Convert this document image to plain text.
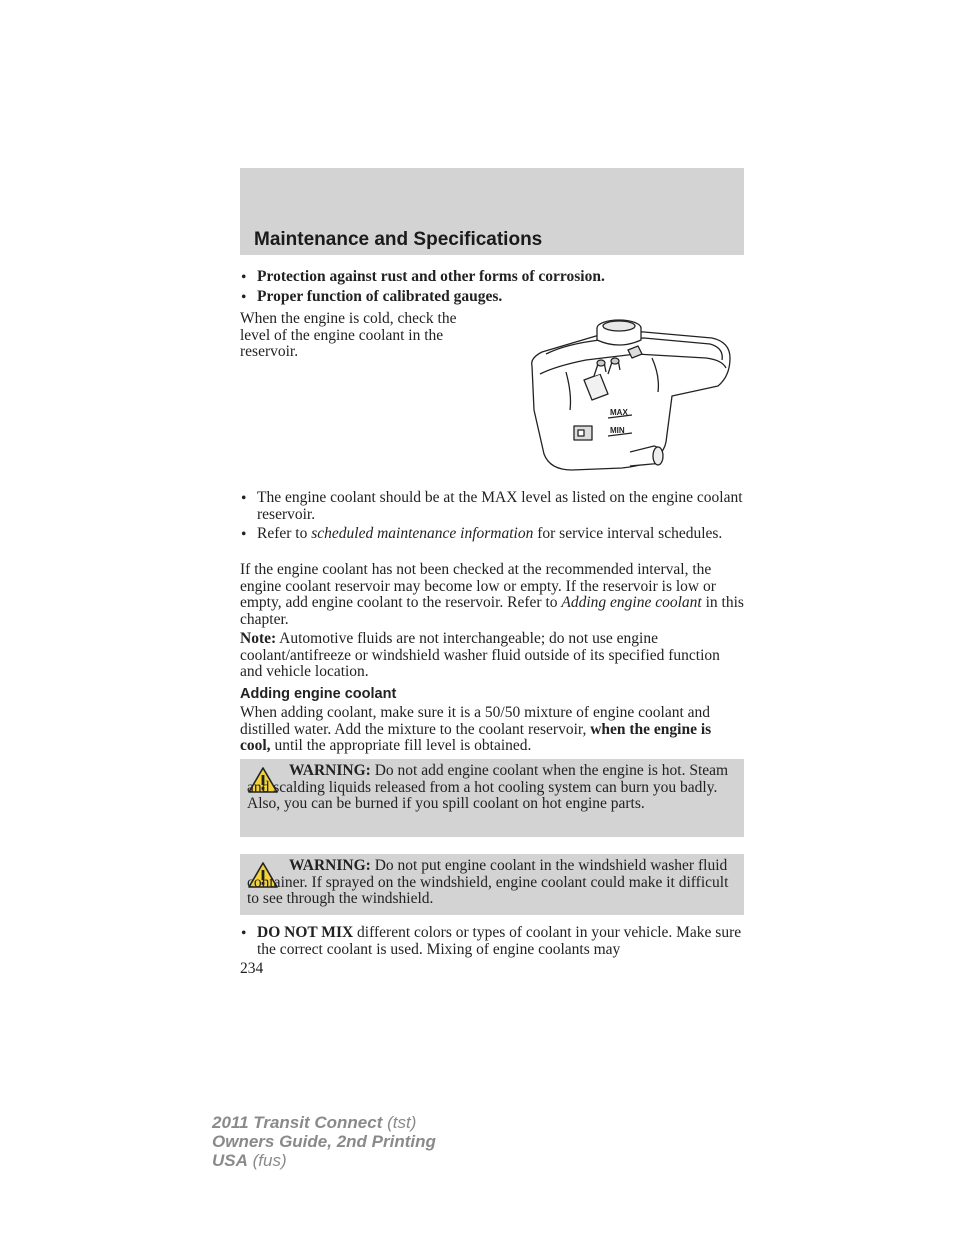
Maintenance and Specifications
• Protection against rust and other forms of corrosion.
• Proper function of calibrated gauges.
When the engine is cold, check the level of the engine coolant in the reservoir.
MAX
MIN
• The engine coolant should be at the MAX level as listed on the engine coolant reservoir.
• Refer to scheduled maintenance information for service interval schedules.
If the engine coolant has not been checked at the recommended interval, the engine coolant reservoir may become low or empty. If the reservoir is low or empty, add engine coolant to the reservoir. Refer to Adding engine coolant in this chapter.
Note: Automotive fluids are not interchangeable; do not use engine coolant/antifreeze or windshield washer fluid outside of its specified function and vehicle location.
Adding engine coolant
When adding coolant, make sure it is a 50/50 mixture of engine coolant and distilled water. Add the mixture to the coolant reservoir, when the engine is cool, until the appropriate fill level is obtained.
WARNING: Do not add engine coolant when the engine is hot. Steam and scalding liquids released from a hot cooling system can burn you badly. Also, you can be burned if you spill coolant on hot engine parts.
WARNING: Do not put engine coolant in the windshield washer fluid container. If sprayed on the windshield, engine coolant could make it difficult to see through the windshield.
• DO NOT MIX different colors or types of coolant in your vehicle. Make sure the correct coolant is used. Mixing of engine coolants may
234
2011 Transit Connect (tst)
Owners Guide, 2nd Printing
USA (fus)
